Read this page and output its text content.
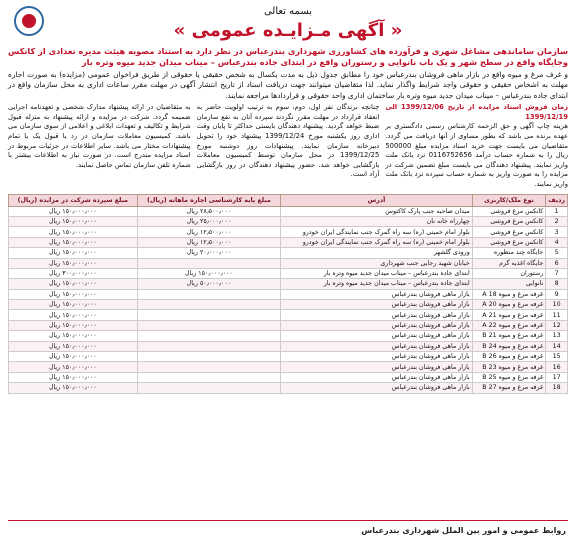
بسمه تعالی
« آگهی مـزایـده عمومی »
سازمان ساماندهی مشاغل شهری و فرآورده های کشاورزی شهرداری بندرعباس در نظر دارد به استناد مصوبه هیئت مدیره تعدادی از کانکس وجایگاه واقع در سطح شهر و یک باب نانوایی و رستوران واقع در ابتدای جاده بندرعباس – میناب میدان جدید میوه وتره بار
و غرف مرغ و میوه واقع در بازار ماهی فروشان بندرعباس خود را مطابق جدول ذیل به مدت یکسال به شخص حقیقی یا حقوقی از طریق فراخوان عمومی (مزایده) به صورت اجاره مهلت به اشخاص حقیقی و حقوقی واجد شرایط واگذار نماید. لذا متقاضیان میتوانند جهت دریافت اسناد از تاریخ انتشار آگهی در مهلت مقرر ساعات اداری به محل سازمان واقع در ابتدای جاده بندرعباس – میناب میدان جدید میوه وتره بار ساختمان اداری واحد حقوقی و قراردادها مراجعه نمایند.
زمان فروش اسناد مزایده از تاریخ 1399/12/06 الی 1399/12/19
هزینه چاپ آگهی و حق الزحمه کارشناس رسمی دادگستری بر عهده برنده می باشد که بطور مساوی از آنها دریافت می گردد. متقاضیان می بایست جهت خرید اسناد مزایده مبلغ 500000 ریال را به شماره حساب درآمد 0116752656 نزد بانک ملت واریز نمایند. پیشنهاد دهندگان می بایست مبلغ تضمین شرکت در مزایده را به صورت واریز به شماره حساب سپرده نزد بانک ملت واریز نمایند.
چنانچه برندگان نفر اول، دوم، سوم به ترتیب اولویت حاضر به انعقاد قرارداد در مهلت مقرر نگردند سپرده آنان به نفع سازمان ضبط خواهد گردید. پیشنهاد دهندگان بایستی حداکثر تا پایان وقت اداری روز یکشنبه مورخ 1399/12/24 پیشنهاد خود را تحویل دبیرخانه سازمان نمایند. پیشنهادات روز دوشنبه مورخ 1399/12/25 در محل سازمان توسط کمیسیون معاملات بازگشایی خواهد شد. حضور پیشنهاد دهندگان در روز بازگشایی آزاد است.
به متقاضیان در ارائه پیشنهاد مدارک شخصی و تعهدنامه اجرایی ضمیمه گردد. شرکت در مزایده و ارائه پیشنهاد به منزله قبول شرایط و تکالیف و تعهدات ابلاغی و اعلامی از سوی سازمان می باشد. کمیسیون معاملات سازمان در رد یا قبول یک یا تمام پیشنهادات مختار می باشد. سایر اطلاعات در جزئیات مربوط در اسناد مزایده مندرج است. در صورت نیاز به اطلاعات بیشتر با شماره تلفن سازمان تماس حاصل نمایند.
ردیف	نوع ملک/کاربری	آدرس	مبلغ پایه کارشناسی اجاره ماهانه (ریال)	مبلغ سپرده شرکت در مزایده (ریال)
1	کانکس مرغ فروشی	میدان صاحبه جنب پارک کاکتوس	٢٨٫٥٠٠٫٠٠٠ ریال	١٥٠٫٠٠٠٫٠٠٠ ریال
2	کانکس مرغ فروشی	چهارراه خانه نان	٢٥٫٠٠٠٫٠٠٠ ریال	١٥٠٫٠٠٠٫٠٠٠ ریال
3	کانکس مرغ فروشی	بلوار امام خمینی (ره) سه راه گمرک جنب نمایندگی ایران خودرو	١٢٫٥٠٠٫٠٠٠ ریال	١٥٠٫٠٠٠٫٠٠٠ ریال
4	کانکس مرغ فروشی	بلوار امام خمینی (ره) سه راه گمرک جنب نمایندگی ایران خودرو	١٢٫٥٠٠٫٠٠٠ ریال	١٥٠٫٠٠٠٫٠٠٠ ریال
5	جایگاه چند منظوره	ورودی گلشهر	٢٠٫٠٠٠٫٠٠٠ ریال	١٥٠٫٠٠٠٫٠٠٠ ریال
6	جایگاه اغذیه گرم	خیابان شهید رجایی جنب شهرداری		١٥٠٫٠٠٠٫٠٠٠ ریال
7	رستوران	ابتدای جاده بندرعباس – میناب میدان جدید میوه وتره بار	١٥٠٫٠٠٠٫٠٠٠ ریال	٣٠٠٫٠٠٠٫٠٠٠ ریال
8	نانوایی	ابتدای جاده بندرعباس – میناب میدان جدید میوه وتره بار	٥٠٫٠٠٠٫٠٠٠ ریال	١٥٠٫٠٠٠٫٠٠٠ ریال
9	غرفه مرغ و میوه A 18	بازار ماهی فروشان بندرعباس		١٥٠٫٠٠٠٫٠٠٠ ریال
10	غرفه مرغ و میوه A 20	بازار ماهی فروشان بندرعباس		١٥٠٫٠٠٠٫٠٠٠ ریال
11	غرفه مرغ و میوه A 21	بازار ماهی فروشان بندرعباس		١٥٠٫٠٠٠٫٠٠٠ ریال
12	غرفه مرغ و میوه A 22	بازار ماهی فروشان بندرعباس		١٥٠٫٠٠٠٫٠٠٠ ریال
13	غرفه مرغ و میوه B 21	بازار ماهی فروشان بندرعباس		١٥٠٫٠٠٠٫٠٠٠ ریال
14	غرفه مرغ و میوه B 24	بازار ماهی فروشان بندرعباس		١٥٠٫٠٠٠٫٠٠٠ ریال
15	غرفه مرغ و میوه B 26	بازار ماهی فروشان بندرعباس		١٥٠٫٠٠٠٫٠٠٠ ریال
16	غرفه مرغ و میوه B 23	بازار ماهی فروشان بندرعباس		١٥٠٫٠٠٠٫٠٠٠ ریال
17	غرفه مرغ و میوه B 25	بازار ماهی فروشان بندرعباس		١٥٠٫٠٠٠٫٠٠٠ ریال
18	غرفه مرغ و میوه B 27	بازار ماهی فروشان بندرعباس		١٥٠٫٠٠٠٫٠٠٠ ریال
روابط عمومی و امور بین الملل شهرداری بندرعباس
